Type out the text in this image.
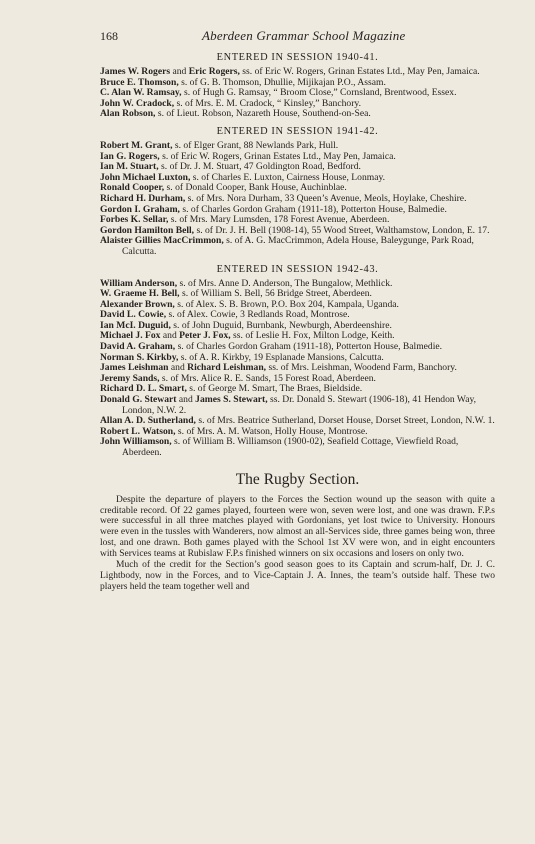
168	Aberdeen Grammar School Magazine
ENTERED IN SESSION 1940-41.

James W. Rogers and Eric Rogers, ss. of Eric W. Rogers, Grinan Estates Ltd., May Pen, Jamaica.

Bruce E. Thomson, s. of G. B. Thomson, Dhullie, Mijikajan P.O., Assam.

C. Alan W. Ramsay, s. of Hugh G. Ramsay, “ Broom Close,” Cornsland, Brentwood, Essex.

John W. Cradock, s. of Mrs. E. M. Cradock, “ Kinsley,” Banchory.

Alan Robson, s. of Lieut. Robson, Nazareth House, Southend-on-Sea.

ENTERED IN SESSION 1941-42.

Robert M. Grant, s. of Elger Grant, 88 Newlands Park, Hull.

Ian G. Rogers, s. of Eric W. Rogers, Grinan Estates Ltd., May Pen, Jamaica.

Ian M. Stuart, s. of Dr. J. M. Stuart, 47 Goldington Road, Bedford.

John Michael Luxton, s. of Charles E. Luxton, Cairness House, Lonmay.

Ronald Cooper, s. of Donald Cooper, Bank House, Auchinblae.

Richard H. Durham, s. of Mrs. Nora Durham, 33 Queen’s Avenue, Meols, Hoylake, Cheshire.

Gordon I. Graham, s. of Charles Gordon Graham (1911-18), Potterton House, Balmedie.

Forbes K. Sellar, s. of Mrs. Mary Lumsden, 178 Forest Avenue, Aberdeen.

Gordon Hamilton Bell, s. of Dr. J. H. Bell (1908-14), 55 Wood Street, Walthamstow, London, E. 17.

Alaister Gillies MacCrimmon, s. of A. G. MacCrimmon, Adela House, Baleygunge, Park Road, Calcutta.

ENTERED IN SESSION 1942-43.

William Anderson, s. of Mrs. Anne D. Anderson, The Bungalow, Methlick.

W. Graeme H. Bell, s. of William S. Bell, 56 Bridge Street, Aberdeen.

Alexander Brown, s. of Alex. S. B. Brown, P.O. Box 204, Kampala, Uganda.

David L. Cowie, s. of Alex. Cowie, 3 Redlands Road, Montrose.

Ian McI. Duguid, s. of John Duguid, Burnbank, Newburgh, Aberdeenshire.

Michael J. Fox and Peter J. Fox, ss. of Leslie H. Fox, Milton Lodge, Keith.

David A. Graham, s. of Charles Gordon Graham (1911-18), Potterton House, Balmedie.

Norman S. Kirkby, s. of A. R. Kirkby, 19 Esplanade Mansions, Calcutta.

James Leishman and Richard Leishman, ss. of Mrs. Leishman, Woodend Farm, Banchory.

Jeremy Sands, s. of Mrs. Alice R. E. Sands, 15 Forest Road, Aberdeen.

Richard D. L. Smart, s. of George M. Smart, The Braes, Bieldside.

Donald G. Stewart and James S. Stewart, ss. Dr. Donald S. Stewart (1906-18), 41 Hendon Way, London, N.W. 2.

Allan A. D. Sutherland, s. of Mrs. Beatrice Sutherland, Dorset House, Dorset Street, London, N.W. 1.

Robert L. Watson, s. of Mrs. A. M. Watson, Holly House, Montrose.

John Williamson, s. of William B. Williamson (1900-02), Seafield Cottage, Viewfield Road, Aberdeen.

The Rugby Section.

Despite the departure of players to the Forces the Section wound up the season with quite a creditable record. Of 22 games played, fourteen were won, seven were lost, and one was drawn. F.P.s were successful in all three matches played with Gordonians, yet lost twice to University. Honours were even in the tussles with Wanderers, now almost an all-Services side, three games being won, three lost, and one drawn. Both games played with the School 1st XV were won, and in eight encounters with Services teams at Rubislaw F.P.s finished winners on six occasions and losers on only two.

Much of the credit for the Section’s good season goes to its Captain and scrum-half, Dr. J. C. Lightbody, now in the Forces, and to Vice-Captain J. A. Innes, the team’s outside half. These two players held the team together well and
